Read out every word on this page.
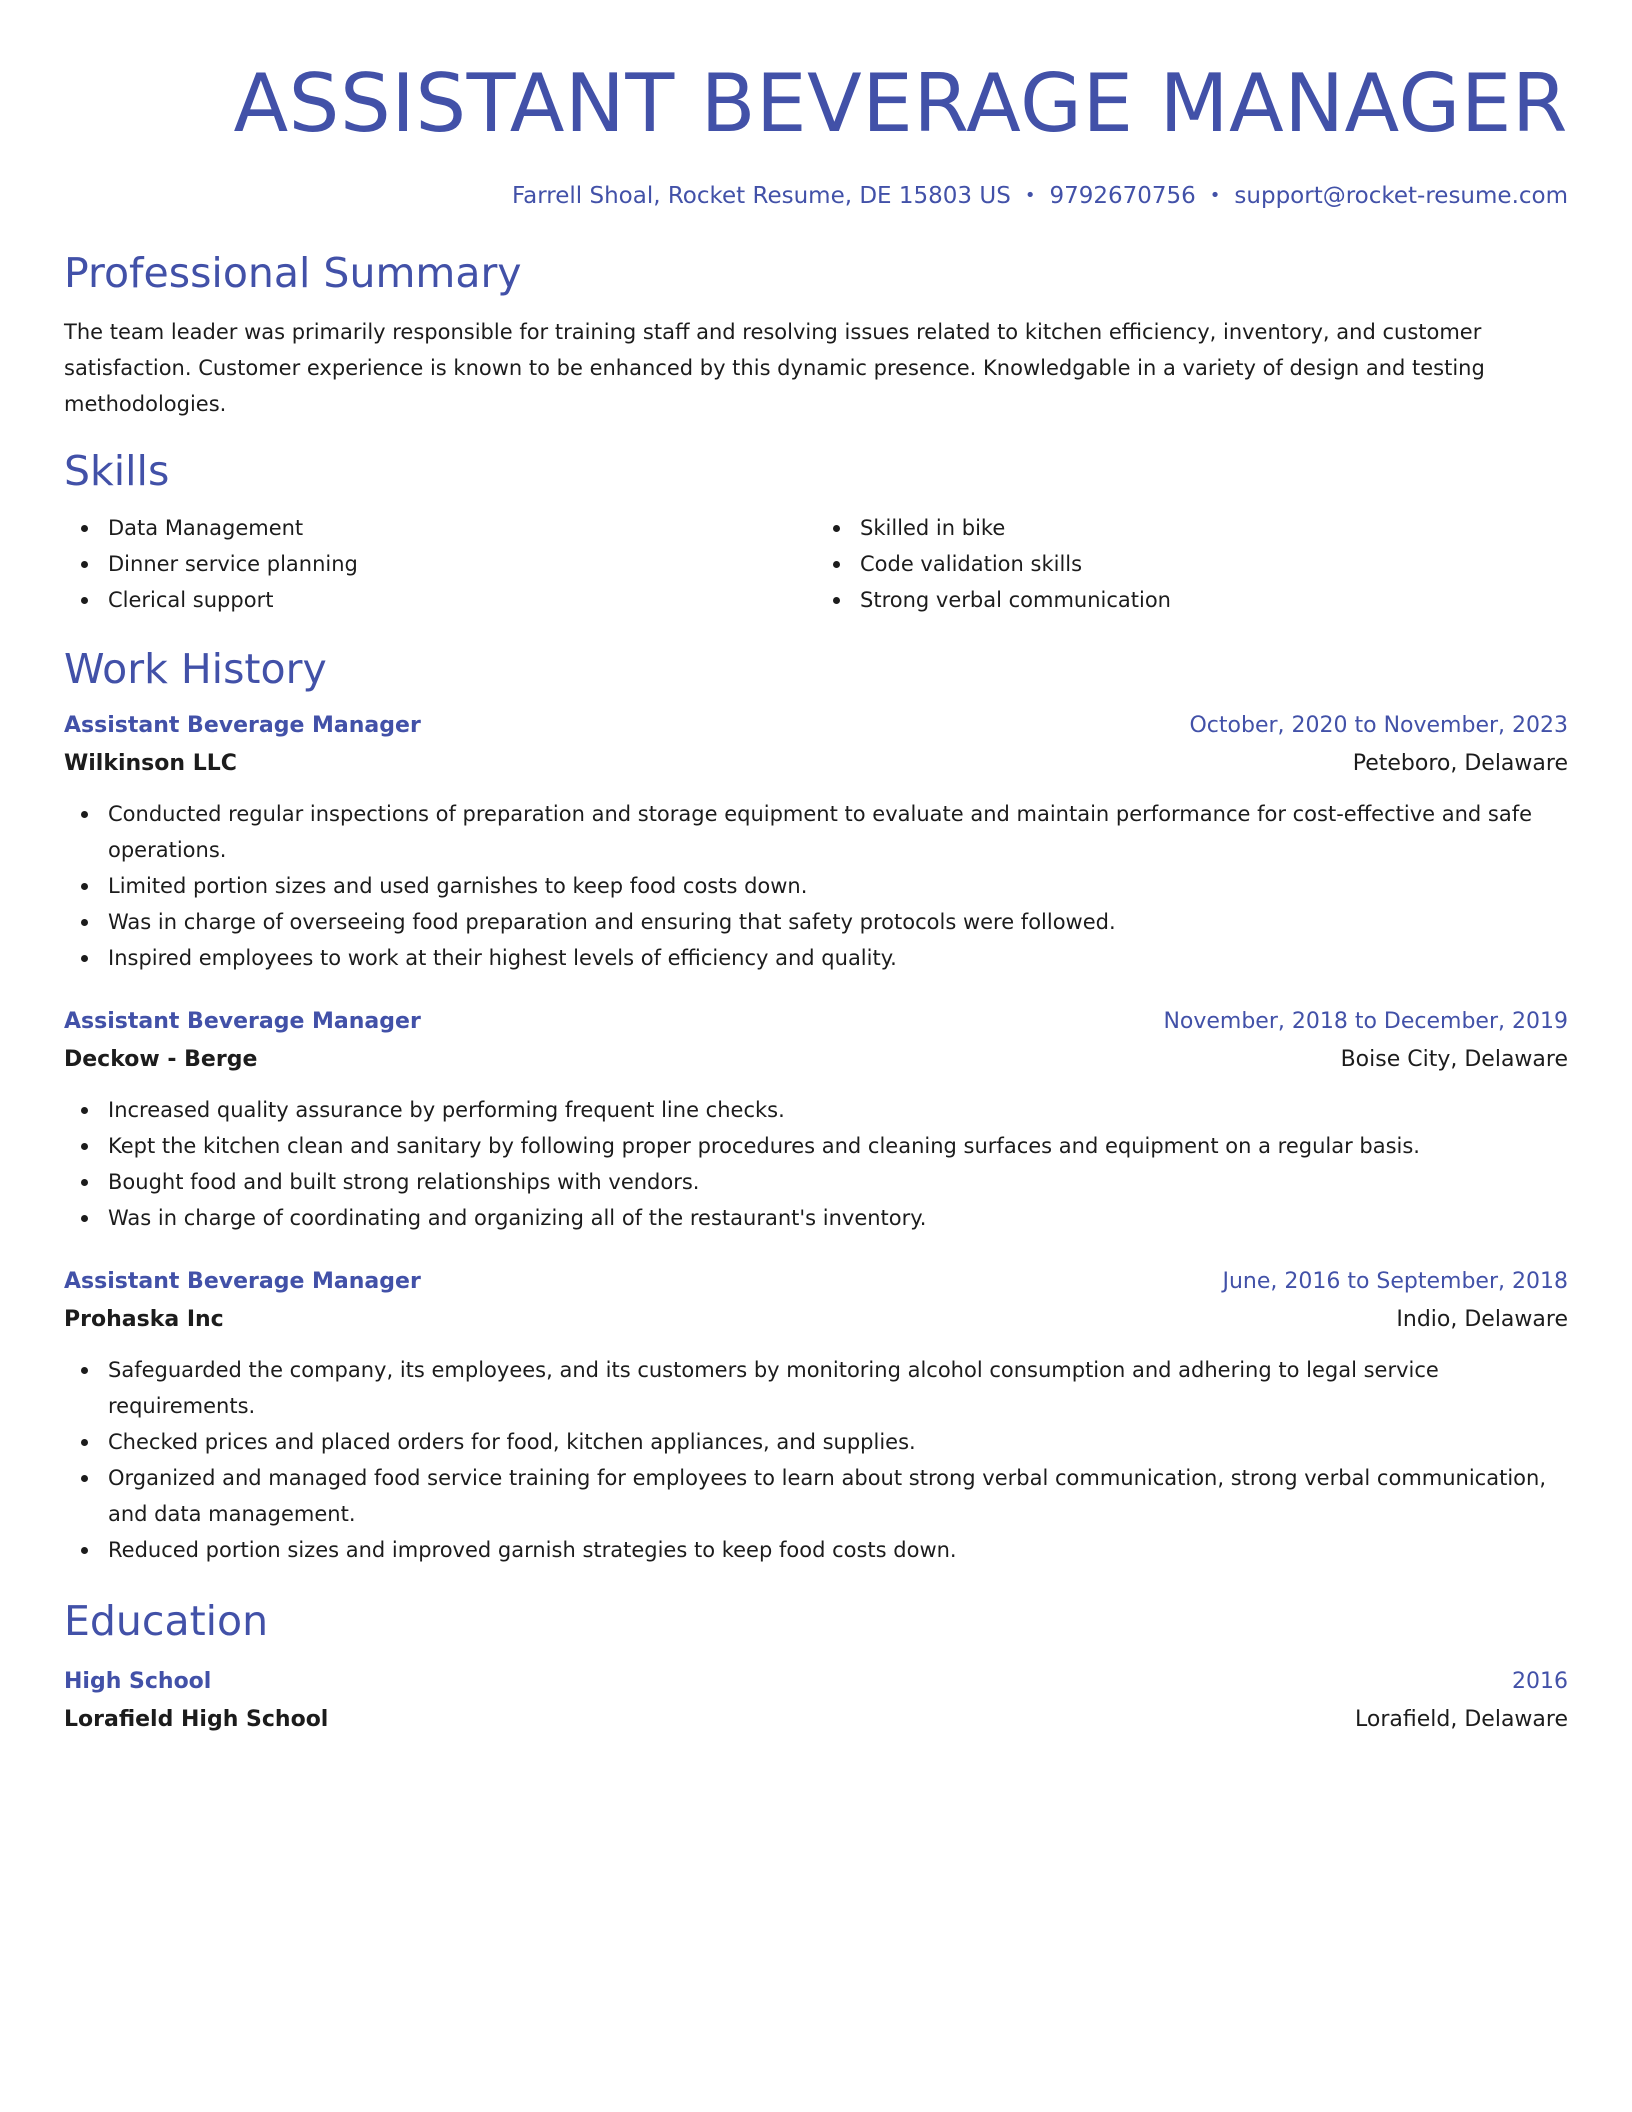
ASSISTANT BEVERAGE MANAGER
Farrell Shoal, Rocket Resume, DE 15803 US • 9792670756 • support@rocket-resume.com
Professional Summary
The team leader was primarily responsible for training staff and resolving issues related to kitchen efficiency, inventory, and customer satisfaction. Customer experience is known to be enhanced by this dynamic presence. Knowledgable in a variety of design and testing methodologies.
Skills
Data Management
Dinner service planning
Clerical support
Skilled in bike
Code validation skills
Strong verbal communication
Work History
Assistant Beverage Manager	October, 2020 to November, 2023
Wilkinson LLC	Peteboro, Delaware
Conducted regular inspections of preparation and storage equipment to evaluate and maintain performance for cost-effective and safe operations.
Limited portion sizes and used garnishes to keep food costs down.
Was in charge of overseeing food preparation and ensuring that safety protocols were followed.
Inspired employees to work at their highest levels of efficiency and quality.
Assistant Beverage Manager	November, 2018 to December, 2019
Deckow - Berge	Boise City, Delaware
Increased quality assurance by performing frequent line checks.
Kept the kitchen clean and sanitary by following proper procedures and cleaning surfaces and equipment on a regular basis.
Bought food and built strong relationships with vendors.
Was in charge of coordinating and organizing all of the restaurant's inventory.
Assistant Beverage Manager	June, 2016 to September, 2018
Prohaska Inc	Indio, Delaware
Safeguarded the company, its employees, and its customers by monitoring alcohol consumption and adhering to legal service requirements.
Checked prices and placed orders for food, kitchen appliances, and supplies.
Organized and managed food service training for employees to learn about strong verbal communication, strong verbal communication, and data management.
Reduced portion sizes and improved garnish strategies to keep food costs down.
Education
High School	2016
Lorafield High School	Lorafield, Delaware
